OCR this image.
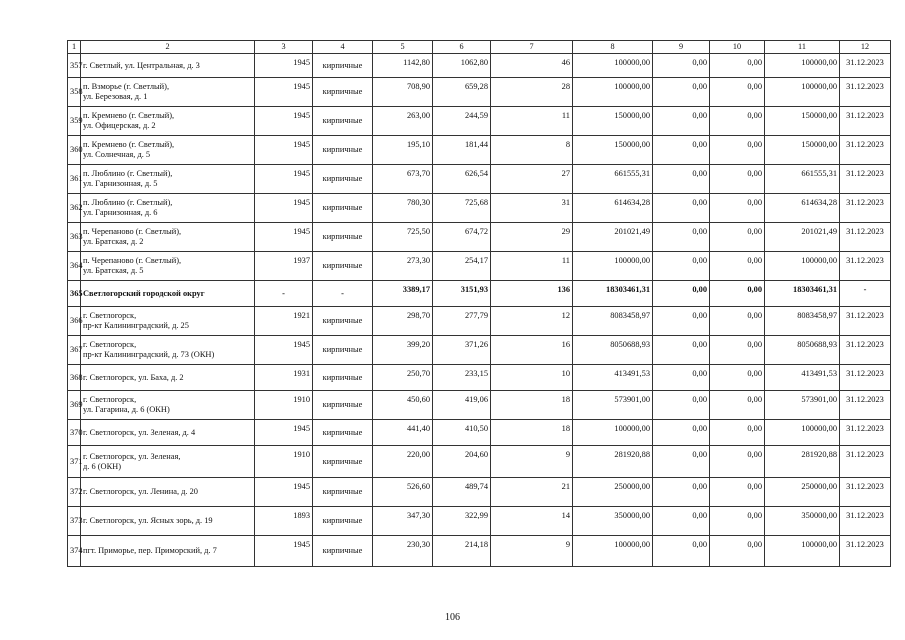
1	2	3	4	5	6	7	8	9	10	11	12
357	г. Светлый, ул. Центральная, д. 3	1945	кирпичные	1142,80	1062,80	46	100000,00	0,00	0,00	100000,00	31.12.2023
358	п. Взморье (г. Светлый),
ул. Березовая, д. 1	1945	кирпичные	708,90	659,28	28	100000,00	0,00	0,00	100000,00	31.12.2023
359	п. Кремнево (г. Светлый),
ул. Офицерская, д. 2	1945	кирпичные	263,00	244,59	11	150000,00	0,00	0,00	150000,00	31.12.2023
360	п. Кремнево (г. Светлый),
ул. Солнечная, д. 5	1945	кирпичные	195,10	181,44	8	150000,00	0,00	0,00	150000,00	31.12.2023
361	п. Люблино (г. Светлый),
ул. Гарнизонная, д. 5	1945	кирпичные	673,70	626,54	27	661555,31	0,00	0,00	661555,31	31.12.2023
362	п. Люблино (г. Светлый),
ул. Гарнизонная, д. 6	1945	кирпичные	780,30	725,68	31	614634,28	0,00	0,00	614634,28	31.12.2023
363	п. Черепаново (г. Светлый),
ул. Братская, д. 2	1945	кирпичные	725,50	674,72	29	201021,49	0,00	0,00	201021,49	31.12.2023
364	п. Черепаново (г. Светлый),
ул. Братская, д. 5	1937	кирпичные	273,30	254,17	11	100000,00	0,00	0,00	100000,00	31.12.2023
365	Светлогорский городской округ	-	-	3389,17	3151,93	136	18303461,31	0,00	0,00	18303461,31	-
366	г. Светлогорск,
пр-кт Калининградский, д. 25	1921	кирпичные	298,70	277,79	12	8083458,97	0,00	0,00	8083458,97	31.12.2023
367	г. Светлогорск,
пр-кт Калининградский, д. 73 (ОКН)	1945	кирпичные	399,20	371,26	16	8050688,93	0,00	0,00	8050688,93	31.12.2023
368	г. Светлогорск, ул. Баха, д. 2	1931	кирпичные	250,70	233,15	10	413491,53	0,00	0,00	413491,53	31.12.2023
369	г. Светлогорск,
ул. Гагарина, д. 6 (ОКН)	1910	кирпичные	450,60	419,06	18	573901,00	0,00	0,00	573901,00	31.12.2023
370	г. Светлогорск, ул. Зеленая, д. 4	1945	кирпичные	441,40	410,50	18	100000,00	0,00	0,00	100000,00	31.12.2023
371	г. Светлогорск, ул. Зеленая,
д. 6 (ОКН)	1910	кирпичные	220,00	204,60	9	281920,88	0,00	0,00	281920,88	31.12.2023
372	г. Светлогорск, ул. Ленина, д. 20	1945	кирпичные	526,60	489,74	21	250000,00	0,00	0,00	250000,00	31.12.2023
373	г. Светлогорск, ул. Ясных зорь, д. 19	1893	кирпичные	347,30	322,99	14	350000,00	0,00	0,00	350000,00	31.12.2023
374	пгт. Приморье, пер. Приморский, д. 7	1945	кирпичные	230,30	214,18	9	100000,00	0,00	0,00	100000,00	31.12.2023
106
